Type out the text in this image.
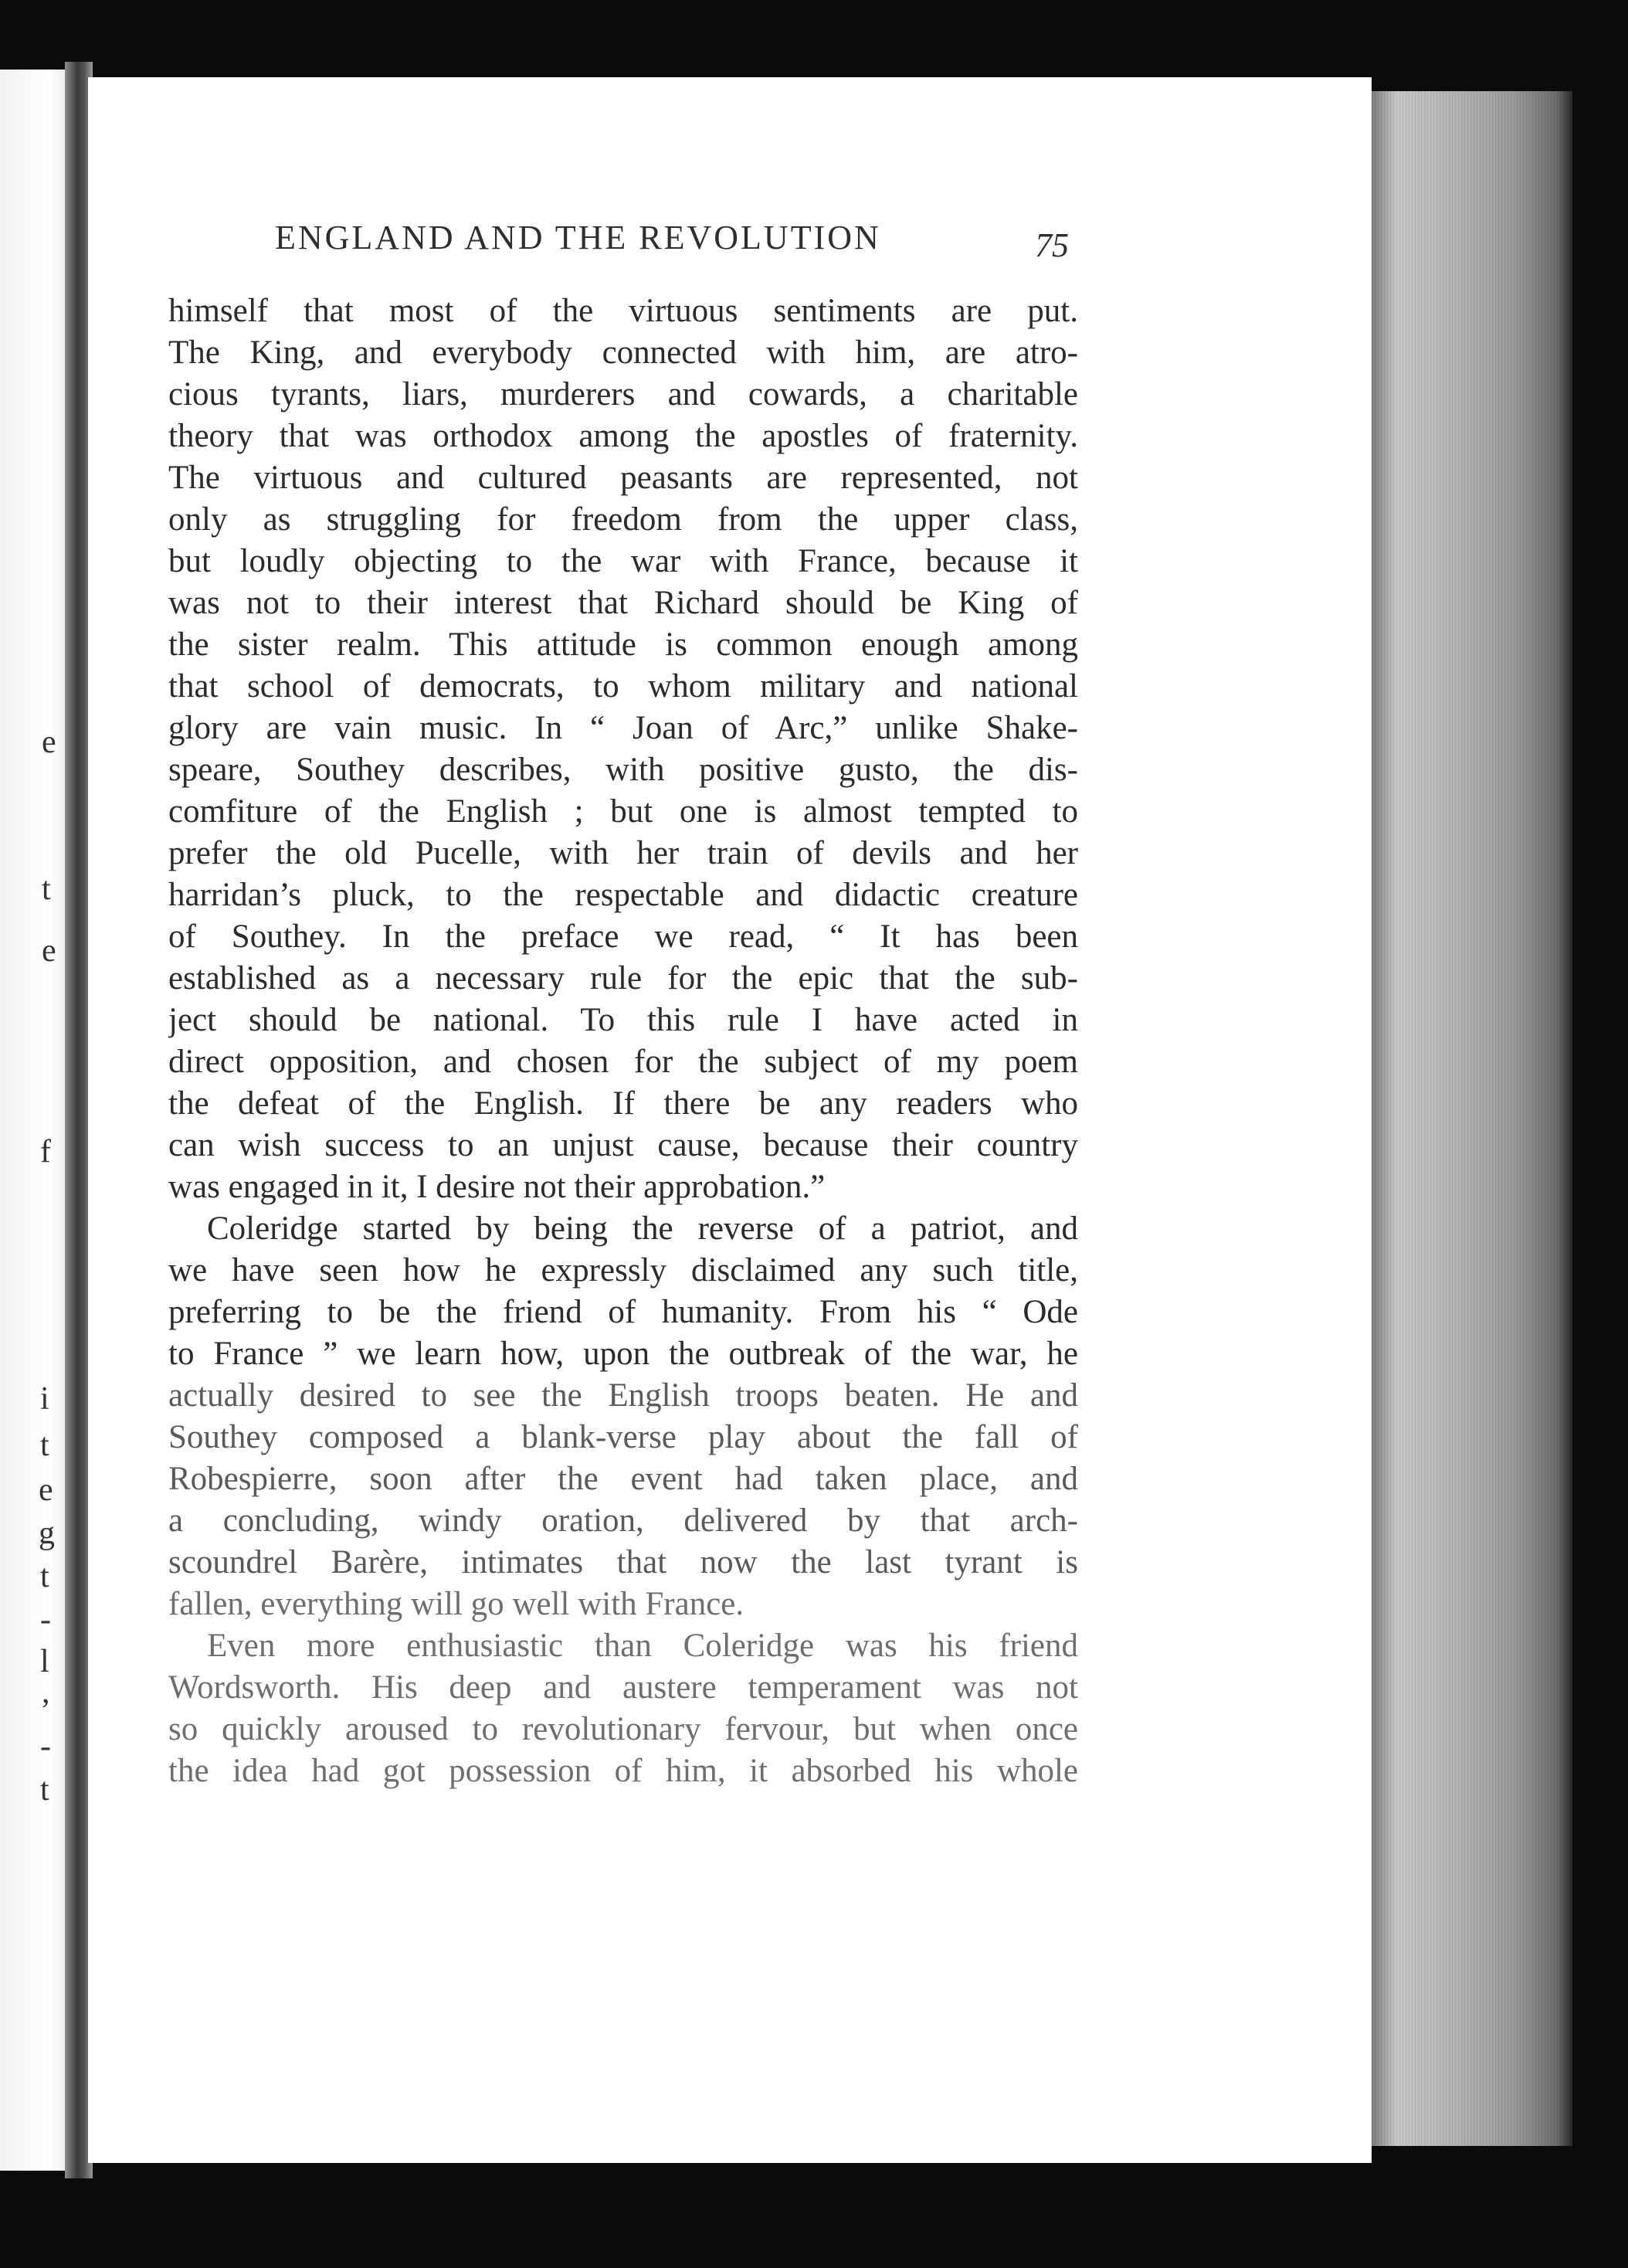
i
t
e
g
t
-
l
,
-
t
f
e
t
e
ENGLAND AND THE REVOLUTION	75
himself that most of the virtuous sentiments are put.
The King, and everybody connected with him, are atro-
cious tyrants, liars, murderers and cowards, a charitable
theory that was orthodox among the apostles of fraternity.
The virtuous and cultured peasants are represented, not
only as struggling for freedom from the upper class,
but loudly objecting to the war with France, because it
was not to their interest that Richard should be King of
the sister realm. This attitude is common enough among
that school of democrats, to whom military and national
glory are vain music. In “ Joan of Arc,” unlike Shake-
speare, Southey describes, with positive gusto, the dis-
comfiture of the English ; but one is almost tempted to
prefer the old Pucelle, with her train of devils and her
harridan’s pluck, to the respectable and didactic creature
of Southey. In the preface we read, “ It has been
established as a necessary rule for the epic that the sub-
ject should be national. To this rule I have acted in
direct opposition, and chosen for the subject of my poem
the defeat of the English. If there be any readers who
can wish success to an unjust cause, because their country
was engaged in it, I desire not their approbation.”
Coleridge started by being the reverse of a patriot, and
we have seen how he expressly disclaimed any such title,
preferring to be the friend of humanity. From his “ Ode
to France ” we learn how, upon the outbreak of the war, he
actually desired to see the English troops beaten. He and
Southey composed a blank-verse play about the fall of
Robespierre, soon after the event had taken place, and
a concluding, windy oration, delivered by that arch-
scoundrel Barère, intimates that now the last tyrant is
fallen, everything will go well with France.
Even more enthusiastic than Coleridge was his friend
Wordsworth. His deep and austere temperament was not
so quickly aroused to revolutionary fervour, but when once
the idea had got possession of him, it absorbed his whole
